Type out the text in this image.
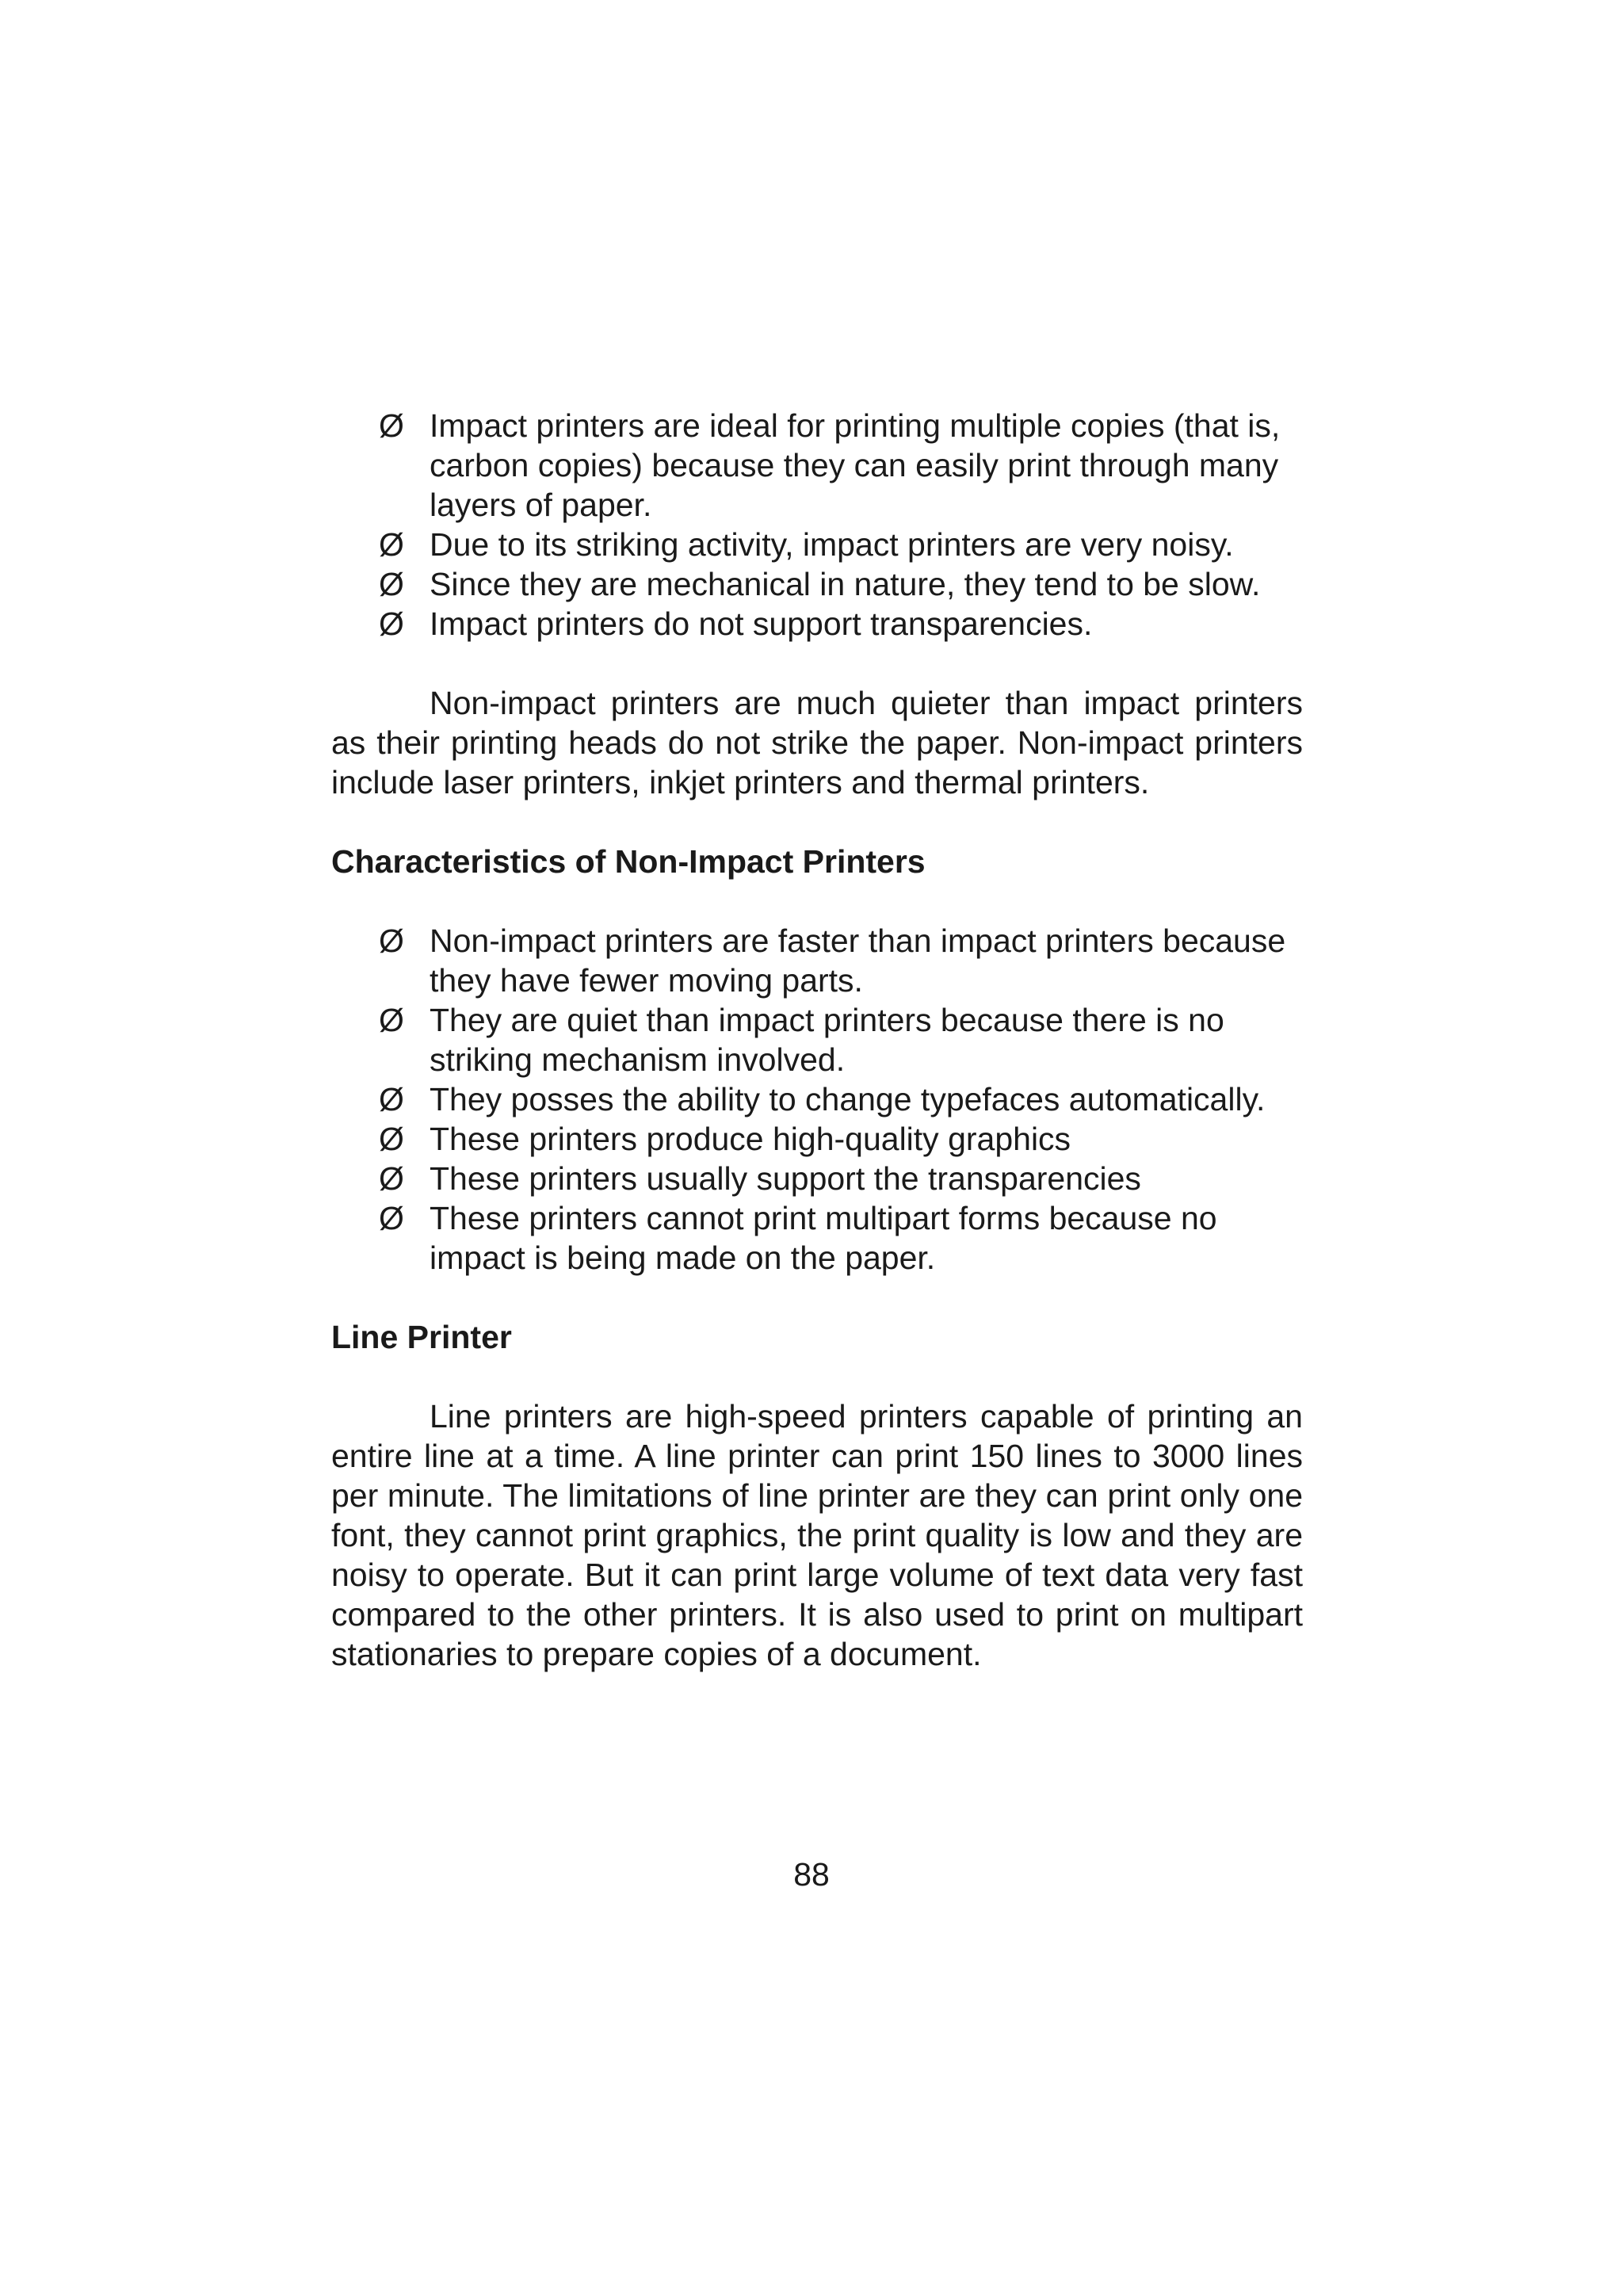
Ø Impact printers are ideal for printing multiple copies (that is, carbon copies) because they can easily print through many layers of paper.
Ø Due to its striking activity, impact printers are very noisy.
Ø Since they are mechanical in nature, they tend to be slow.
Ø Impact printers do not support transparencies.

Non-impact printers are much quieter than impact printers as their printing heads do not strike the paper. Non-impact printers include laser printers, inkjet printers and thermal printers.

Characteristics of Non-Impact Printers
Ø Non-impact printers are faster than impact printers because they have fewer moving parts.
Ø They are quiet than impact printers because there is no striking mechanism involved.
Ø They posses the ability to change typefaces automatically.
Ø These printers produce high-quality graphics
Ø These printers usually support the transparencies
Ø These printers cannot print multipart forms because no impact is being made on the paper.
Line Printer

Line printers are high-speed printers capable of printing an entire line at a time. A line printer can print 150 lines to 3000 lines per minute. The limitations of line printer are they can print only one font, they cannot print graphics, the print quality is low and they are noisy to operate. But it can print large volume of text data very fast compared to the other printers. It is also used to print on multipart stationaries to prepare copies of a document.

88
